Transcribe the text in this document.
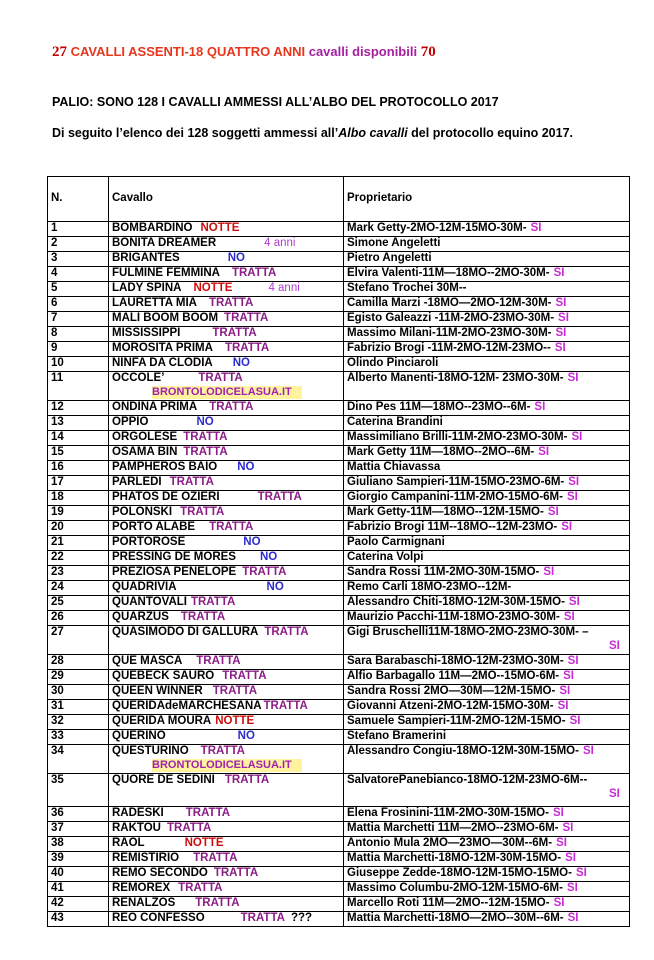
27 CAVALLI ASSENTI-18 QUATTRO ANNI cavalli disponibili 70
PALIO: SONO 128 I CAVALLI AMMESSI ALL’ALBO DEL PROTOCOLLO 2017
Di seguito l’elenco dei 128 soggetti ammessi all’Albo cavalli del protocollo equino 2017.
N.	Cavallo	Proprietario
1	BOMBARDINO NOTTE	Mark Getty-2MO-12M-15MO-30M- SI
2	BONITA DREAMER 4 anni	Simone Angeletti
3	BRIGANTES NO	Pietro Angeletti
4	FULMINE FEMMINA TRATTA	Elvira Valenti-11M—18MO--2MO-30M- SI
5	LADY SPINA NOTTE 4 anni	Stefano Trochei 30M--
6	LAURETTA MIA TRATTA	Camilla Marzi -18MO—2MO-12M-30M- SI
7	MALI BOOM BOOM TRATTA	Egisto Galeazzi -11M-2MO-23MO-30M- SI
8	MISSISSIPPI TRATTA	Massimo Milani-11M-2MO-23MO-30M- SI
9	MOROSITA PRIMA TRATTA	Fabrizio Brogi -11M-2MO-12M-23MO-- SI
10	NINFA DA CLODIA NO	Olindo Pinciaroli
11	OCCOLE’ TRATTA
BRONTOLODICELASUA.IT	Alberto Manenti-18MO-12M- 23MO-30M- SI
12	ONDINA PRIMA TRATTA	Dino Pes 11M—18MO--23MO--6M- SI
13	OPPIO NO	Caterina Brandini
14	ORGOLESE TRATTA	Massimiliano Brilli-11M-2MO-23MO-30M- SI
15	OSAMA BIN TRATTA	Mark Getty 11M—18MO--2MO--6M- SI
16	PAMPHEROS BAIO NO	Mattia Chiavassa
17	PARLEDI TRATTA	Giuliano Sampieri-11M-15MO-23MO-6M- SI
18	PHATOS DE OZIERI TRATTA	Giorgio Campanini-11M-2MO-15MO-6M- SI
19	POLONSKI TRATTA	Mark Getty-11M—18MO--12M-15MO- SI
20	PORTO ALABE TRATTA	Fabrizio Brogi 11M--18MO--12M-23MO- SI
21	PORTOROSE NO	Paolo Carmignani
22	PRESSING DE MORES NO	Caterina Volpi
23	PREZIOSA PENELOPE TRATTA	Sandra Rossi 11M-2MO-30M-15MO- SI
24	QUADRIVIA NO	Remo Carli 18MO-23MO--12M-
25	QUANTOVALI TRATTA	Alessandro Chiti-18MO-12M-30M-15MO- SI
26	QUARZUS TRATTA	Maurizio Pacchi-11M-18MO-23MO-30M- SI
27	QUASIMODO DI GALLURA TRATTA	Gigi Bruschelli11M-18MO-2MO-23MO-30M- –
SI
28	QUE MASCA TRATTA	Sara Barabaschi-18MO-12M-23MO-30M- SI
29	QUEBECK SAURO TRATTA	Alfio Barbagallo 11M—2MO--15MO-6M- SI
30	QUEEN WINNER TRATTA	Sandra Rossi 2MO—30M—12M-15MO- SI
31	QUERIDAdeMARCHESANA TRATTA	Giovanni Atzeni-2MO-12M-15MO-30M- SI
32	QUERIDA MOURA NOTTE	Samuele Sampieri-11M-2MO-12M-15MO- SI
33	QUERINO NO	Stefano Bramerini
34	QUESTURINO TRATTA
BRONTOLODICELASUA.IT	Alessandro Congiu-18MO-12M-30M-15MO- SI
35	QUORE DE SEDINI TRATTA	SalvatorePanebianco-18MO-12M-23MO-6M--
SI
36	RADESKI TRATTA	Elena Frosinini-11M-2MO-30M-15MO- SI
37	RAKTOU TRATTA	Mattia Marchetti 11M—2MO--23MO-6M- SI
38	RAOL NOTTE	Antonio Mula 2MO—23MO—30M--6M- SI
39	REMISTIRIO TRATTA	Mattia Marchetti-18MO-12M-30M-15MO- SI
40	REMO SECONDO TRATTA	Giuseppe Zedde-18MO-12M-15MO-15MO- SI
41	REMOREX TRATTA	Massimo Columbu-2MO-12M-15MO-6M- SI
42	RENALZOS TRATTA	Marcello Roti 11M—2MO--12M-15MO- SI
43	REO CONFESSO TRATTA ???	Mattia Marchetti-18MO—2MO--30M--6M- SI
